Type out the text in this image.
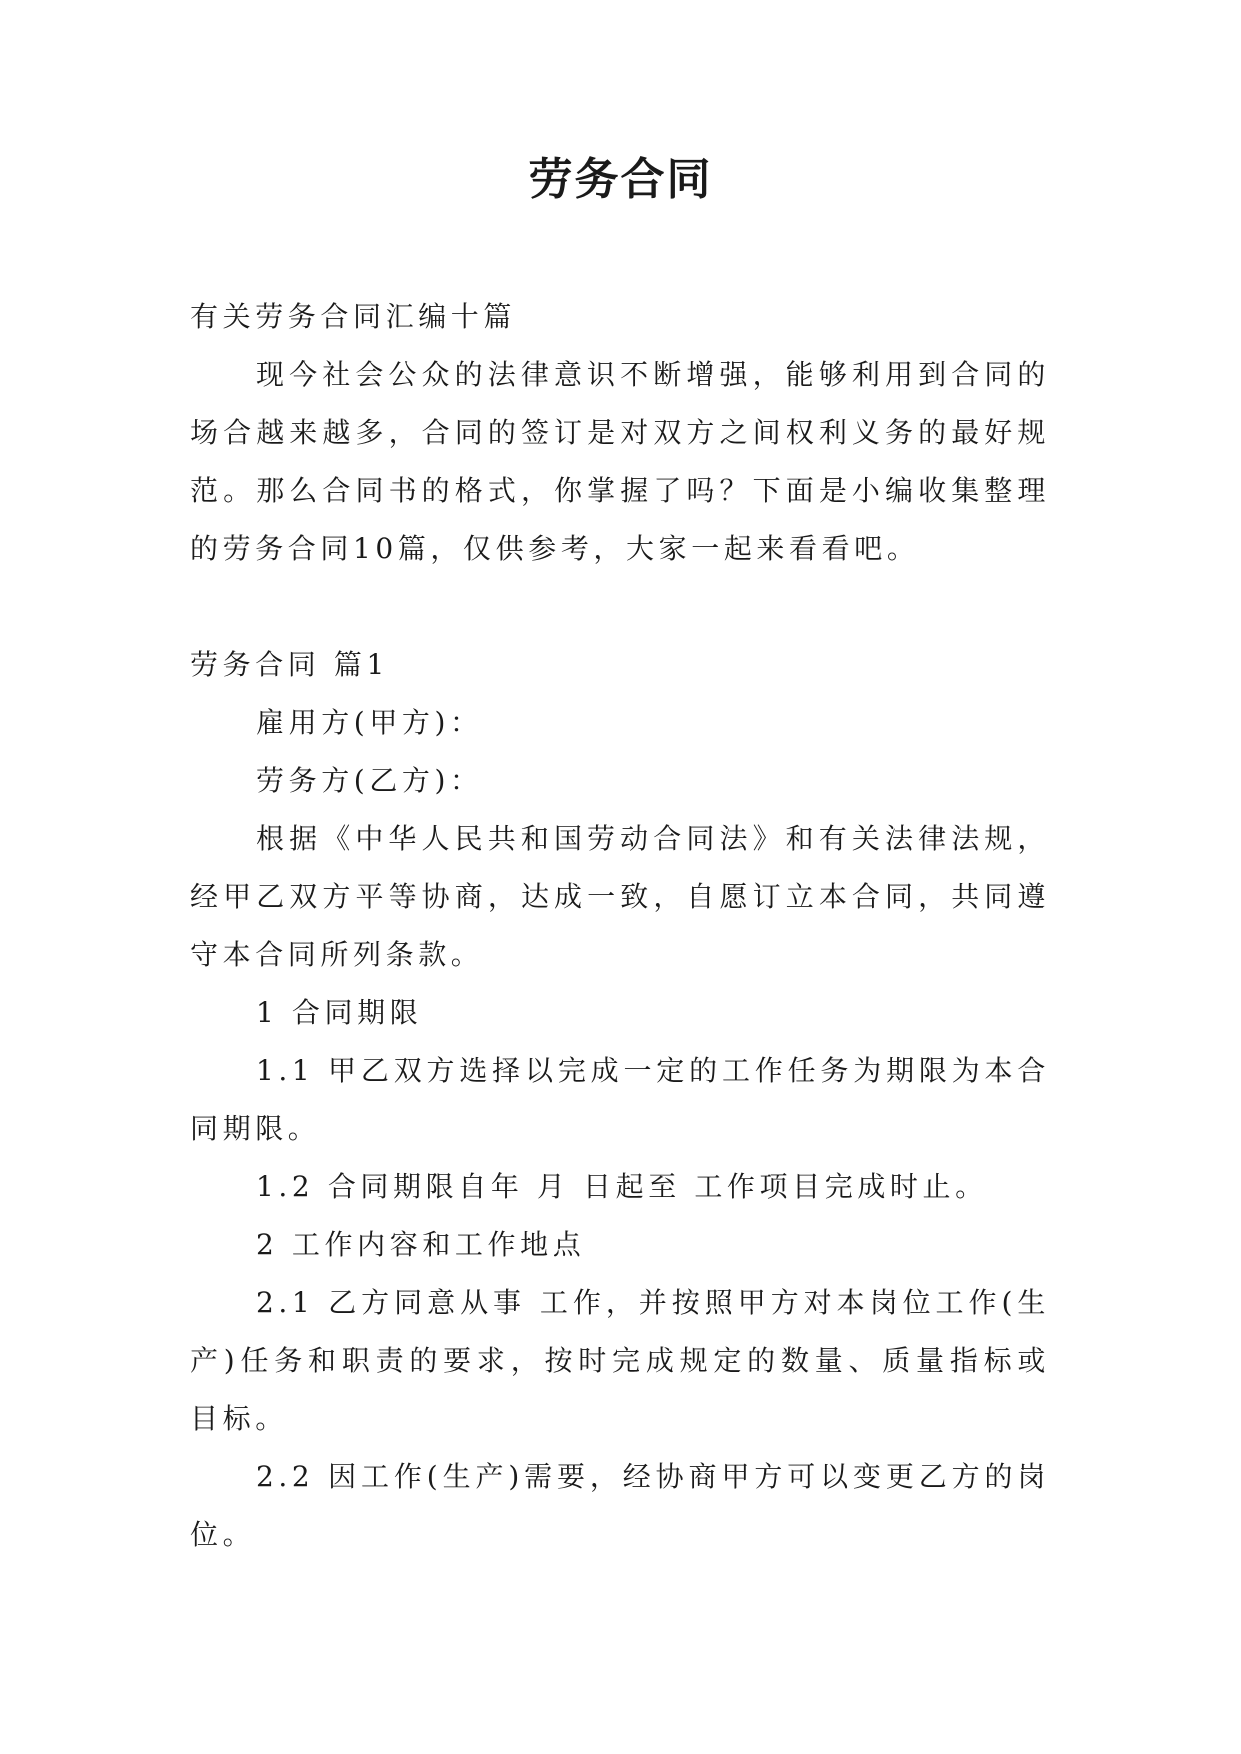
劳务合同

有关劳务合同汇编十篇

现今社会公众的法律意识不断增强，能够利用到合同的场合越来越多，合同的签订是对双方之间权利义务的最好规范。那么合同书的格式，你掌握了吗？下面是小编收集整理的劳务合同10篇，仅供参考，大家一起来看看吧。

劳务合同 篇1

雇用方(甲方)：

劳务方(乙方)：

根据《中华人民共和国劳动合同法》和有关法律法规，经甲乙双方平等协商，达成一致，自愿订立本合同，共同遵守本合同所列条款。

1 合同期限

1.1 甲乙双方选择以完成一定的工作任务为期限为本合同期限。

1.2 合同期限自年 月 日起至 工作项目完成时止。

2 工作内容和工作地点

2.1 乙方同意从事 工作，并按照甲方对本岗位工作(生产)任务和职责的要求，按时完成规定的数量、质量指标或目标。

2.2 因工作(生产)需要，经协商甲方可以变更乙方的岗位。
